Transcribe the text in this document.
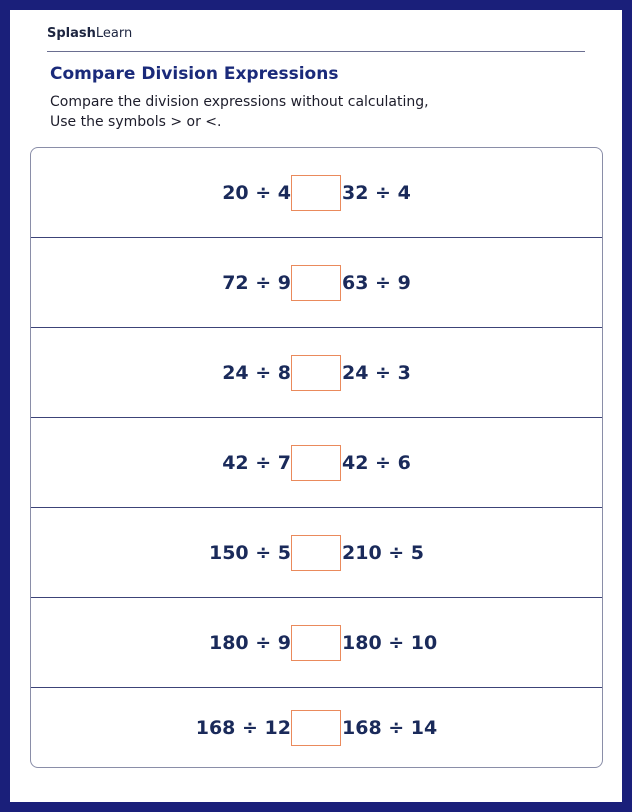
SplashLearn
Compare Division Expressions
Compare the division expressions without calculating,
Use the symbols > or <.
20 ÷ 4	32 ÷ 4
72 ÷ 9	63 ÷ 9
24 ÷ 8	24 ÷ 3
42 ÷ 7	42 ÷ 6
150 ÷ 5	210 ÷ 5
180 ÷ 9	180 ÷ 10
168 ÷ 12	168 ÷ 14
